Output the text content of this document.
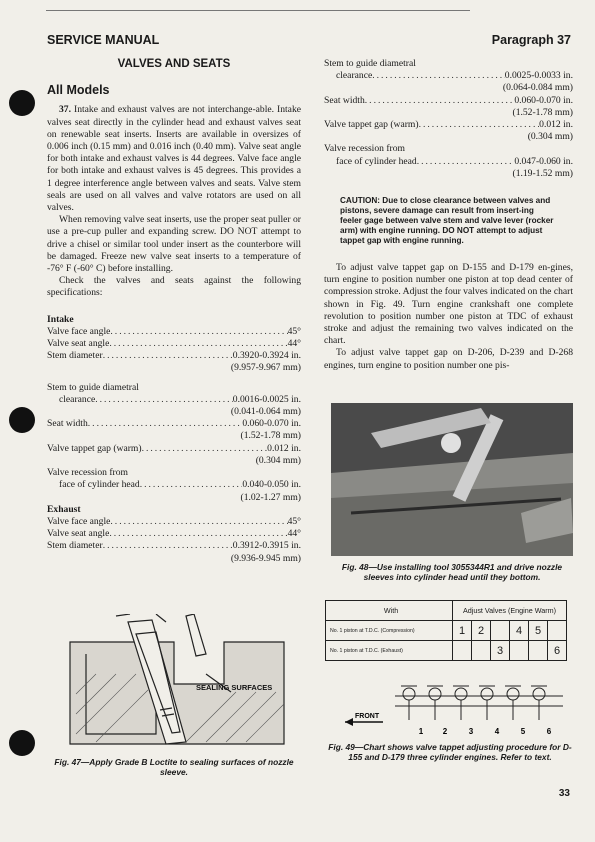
SERVICE MANUAL	Paragraph 37
VALVES AND SEATS
All Models

37. Intake and exhaust valves are not interchange-able. Intake valves seat directly in the cylinder head and exhaust valves seat on renewable seat inserts. Inserts are available in oversizes of 0.006 inch (0.15 mm) and 0.016 inch (0.40 mm). Valve seat angle for both intake and exhaust valves is 44 degrees. Valve face angle for both intake and exhaust valves is 45 degrees. This provides a 1 degree interference angle between valves and seats. Valve stem seals are used on all valves and valve rotators are used on all valves.

When removing valve seat inserts, use the proper seat puller or use a pre-cup puller and expanding screw. DO NOT attempt to drive a chisel or similar tool under insert as the counterbore will be damaged. Freeze new valve seat inserts to a temperature of -76° F (-60° C) before installing.

Check the valves and seats against the following specifications:

Intake
Valve face angle .....	45°
Valve seat angle .....	44°
Stem diameter .....	0.3920-0.3924 in.
(9.957-9.967 mm)
Stem to guide diametral
clearance .....	0.0016-0.0025 in.
(0.041-0.064 mm)
Seat width .....	0.060-0.070 in.
(1.52-1.78 mm)
Valve tappet gap (warm) .....	0.012 in.
(0.304 mm)
Valve recession from
face of cylinder head .....	0.040-0.050 in.
(1.02-1.27 mm)
Exhaust
Valve face angle .....	45°
Valve seat angle .....	44°
Stem diameter .....	0.3912-0.3915 in.
(9.936-9.945 mm)
SEALING SURFACES
Fig. 47—Apply Grade B Loctite to sealing surfaces of nozzle sleeve.
Stem to guide diametral
clearance .....	0.0025-0.0033 in.
(0.064-0.084 mm)
Seat width .....	0.060-0.070 in.
(1.52-1.78 mm)
Valve tappet gap (warm) .....	0.012 in.
(0.304 mm)
Valve recession from
face of cylinder head .....	0.047-0.060 in.
(1.19-1.52 mm)
CAUTION: Due to close clearance between valves and pistons, severe damage can result from insert-ing feeler gage between valve stem and valve lever (rocker arm) with engine running. DO NOT attempt to adjust tappet gap with engine running.

To adjust valve tappet gap on D-155 and D-179 en-gines, turn engine to position number one piston at top dead center of compression stroke. Adjust the four valves indicated on the chart shown in Fig. 49. Turn engine crankshaft one complete revolution to position number one piston at TDC of exhaust stroke and adjust the remaining two valves indicated on the chart.

To adjust valve tappet gap on D-206, D-239 and D-268 engines, turn engine to position number one pis-

Fig. 48—Use installing tool 3055344R1 and drive nozzle sleeves into cylinder head until they bottom.
With	Adjust Valves (Engine Warm)					
No. 1 piston at T.D.C. (Compression)	1	2		4	5	
No. 1 piston at T.D.C. (Exhaust)			3			6
FRONT
1 2	3	4	5	6
Fig. 49—Chart shows valve tappet adjusting procedure for D-155 and D-179 three cylinder engines. Refer to text.
33
